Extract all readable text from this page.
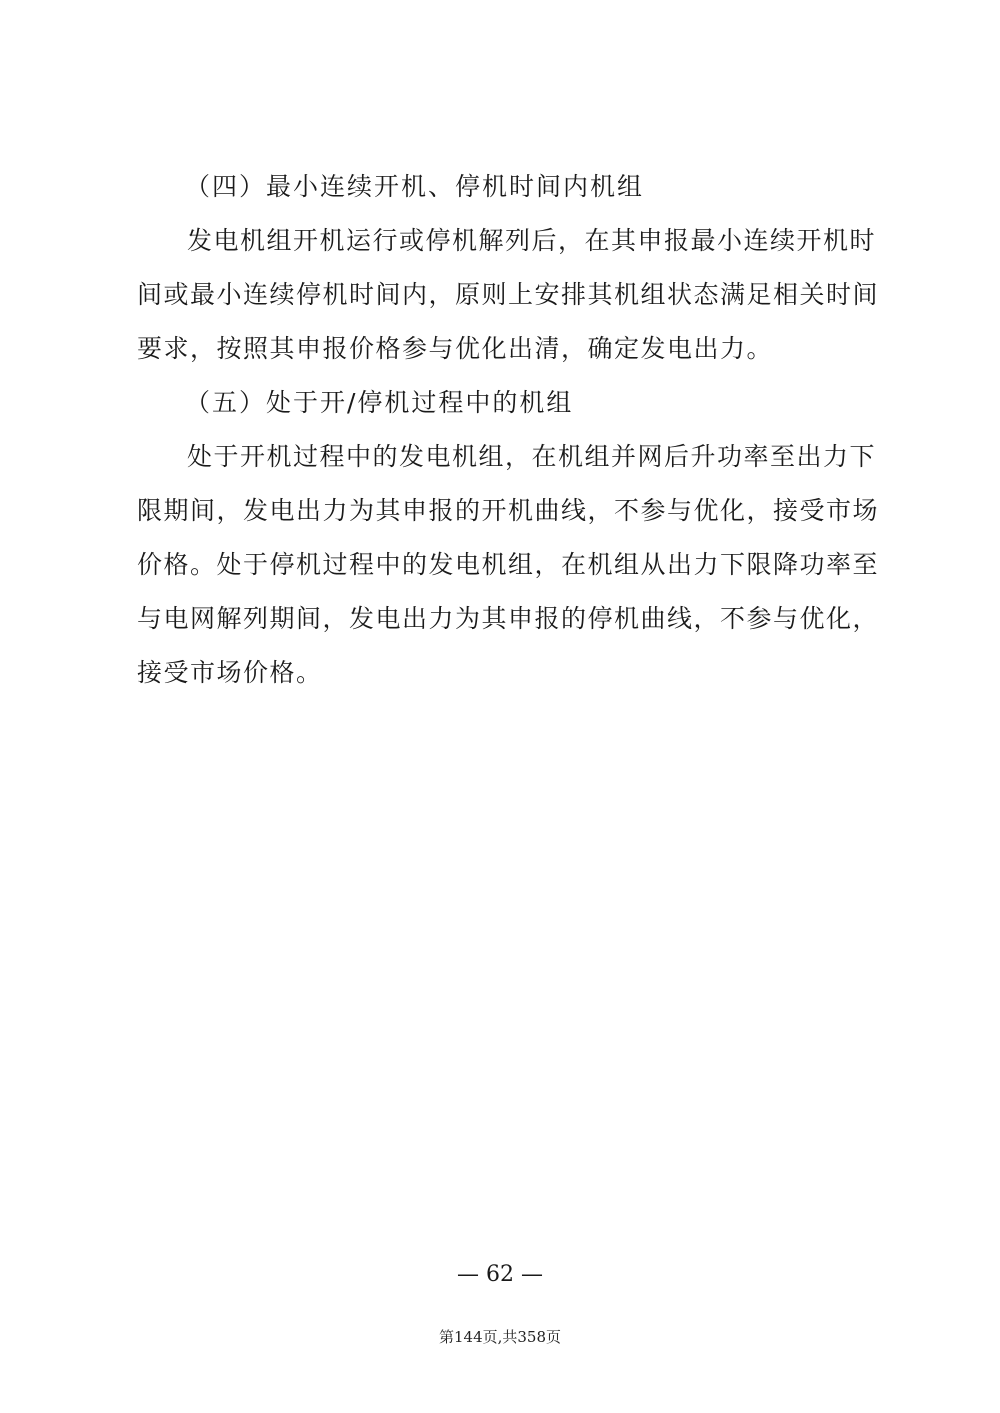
（四）最小连续开机、停机时间内机组

发电机组开机运行或停机解列后，在其申报最小连续开机时

间或最小连续停机时间内，原则上安排其机组状态满足相关时间

要求，按照其申报价格参与优化出清，确定发电出力。

（五）处于开/停机过程中的机组

处于开机过程中的发电机组，在机组并网后升功率至出力下

限期间，发电出力为其申报的开机曲线，不参与优化，接受市场

价格。处于停机过程中的发电机组，在机组从出力下限降功率至

与电网解列期间，发电出力为其申报的停机曲线，不参与优化，

接受市场价格。

— 62 —
第144页,共358页
